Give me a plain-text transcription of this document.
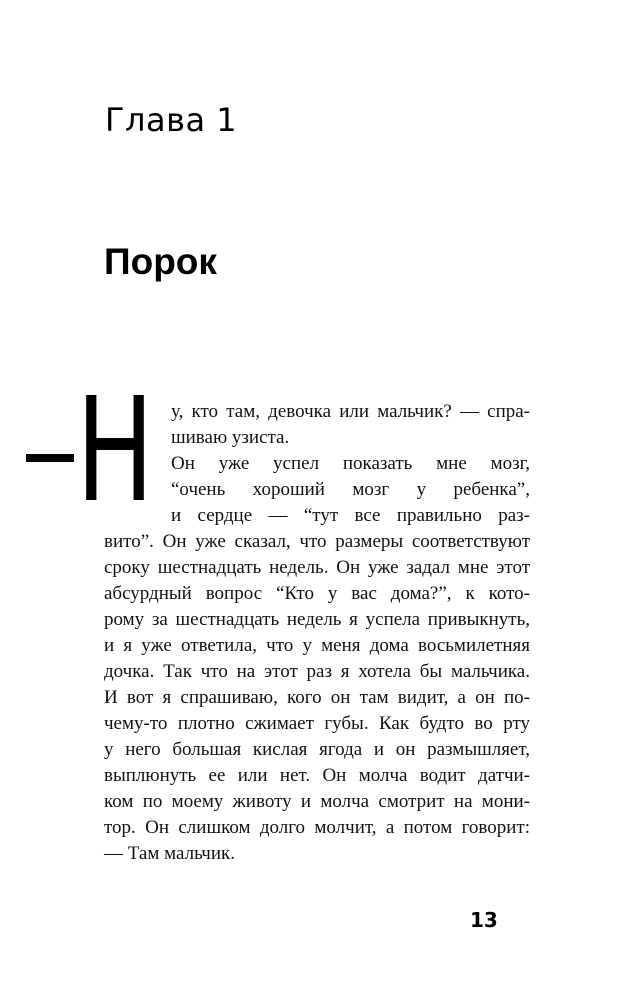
Глава 1
Порок
Н у, кто там, девочка или мальчик? — спра-
шиваю узиста.
Он уже успел показать мне мозг,
“очень хороший мозг у ребенка”,
и сердце — “тут все правильно раз-
вито”. Он уже сказал, что размеры соответствуют
сроку шестнадцать недель. Он уже задал мне этот
абсурдный вопрос “Кто у вас дома?”, к кото-
рому за шестнадцать недель я успела привыкнуть,
и я уже ответила, что у меня дома восьмилетняя
дочка. Так что на этот раз я хотела бы мальчика.
И вот я спрашиваю, кого он там видит, а он по-
чему-то плотно сжимает губы. Как будто во рту
у него большая кислая ягода и он размышляет,
выплюнуть ее или нет. Он молча водит датчи-
ком по моему животу и молча смотрит на мони-
тор. Он слишком долго молчит, а потом говорит:
— Там мальчик.

13
